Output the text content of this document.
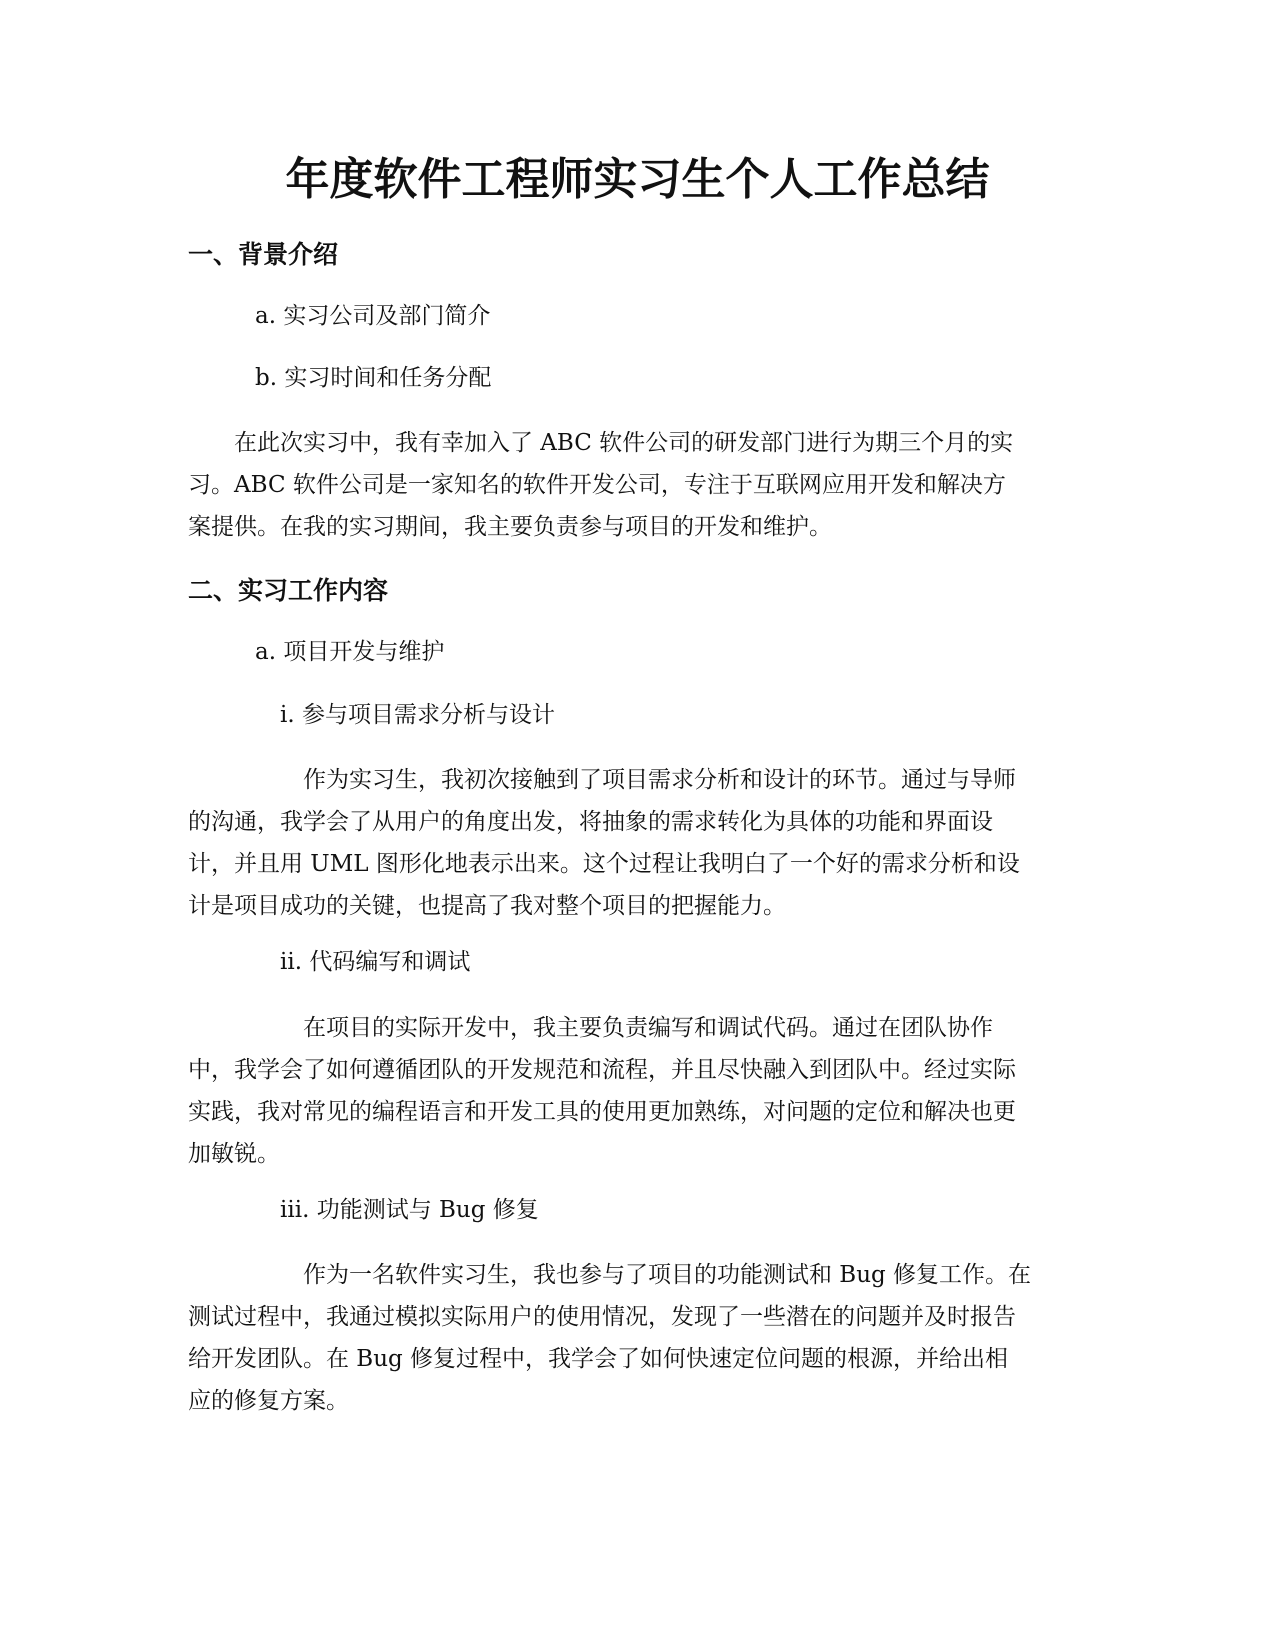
年度软件工程师实习生个人工作总结
一、背景介绍

a. 实习公司及部门简介

b. 实习时间和任务分配

在此次实习中，我有幸加入了 ABC 软件公司的研发部门进行为期三个月的实
习。ABC 软件公司是一家知名的软件开发公司，专注于互联网应用开发和解决方
案提供。在我的实习期间，我主要负责参与项目的开发和维护。
二、实习工作内容

a. 项目开发与维护

i. 参与项目需求分析与设计

作为实习生，我初次接触到了项目需求分析和设计的环节。通过与导师
的沟通，我学会了从用户的角度出发，将抽象的需求转化为具体的功能和界面设
计，并且用 UML 图形化地表示出来。这个过程让我明白了一个好的需求分析和设
计是项目成功的关键，也提高了我对整个项目的把握能力。

ii. 代码编写和调试

在项目的实际开发中，我主要负责编写和调试代码。通过在团队协作
中，我学会了如何遵循团队的开发规范和流程，并且尽快融入到团队中。经过实际
实践，我对常见的编程语言和开发工具的使用更加熟练，对问题的定位和解决也更
加敏锐。

iii. 功能测试与 Bug 修复

作为一名软件实习生，我也参与了项目的功能测试和 Bug 修复工作。在
测试过程中，我通过模拟实际用户的使用情况，发现了一些潜在的问题并及时报告
给开发团队。在 Bug 修复过程中，我学会了如何快速定位问题的根源，并给出相
应的修复方案。
